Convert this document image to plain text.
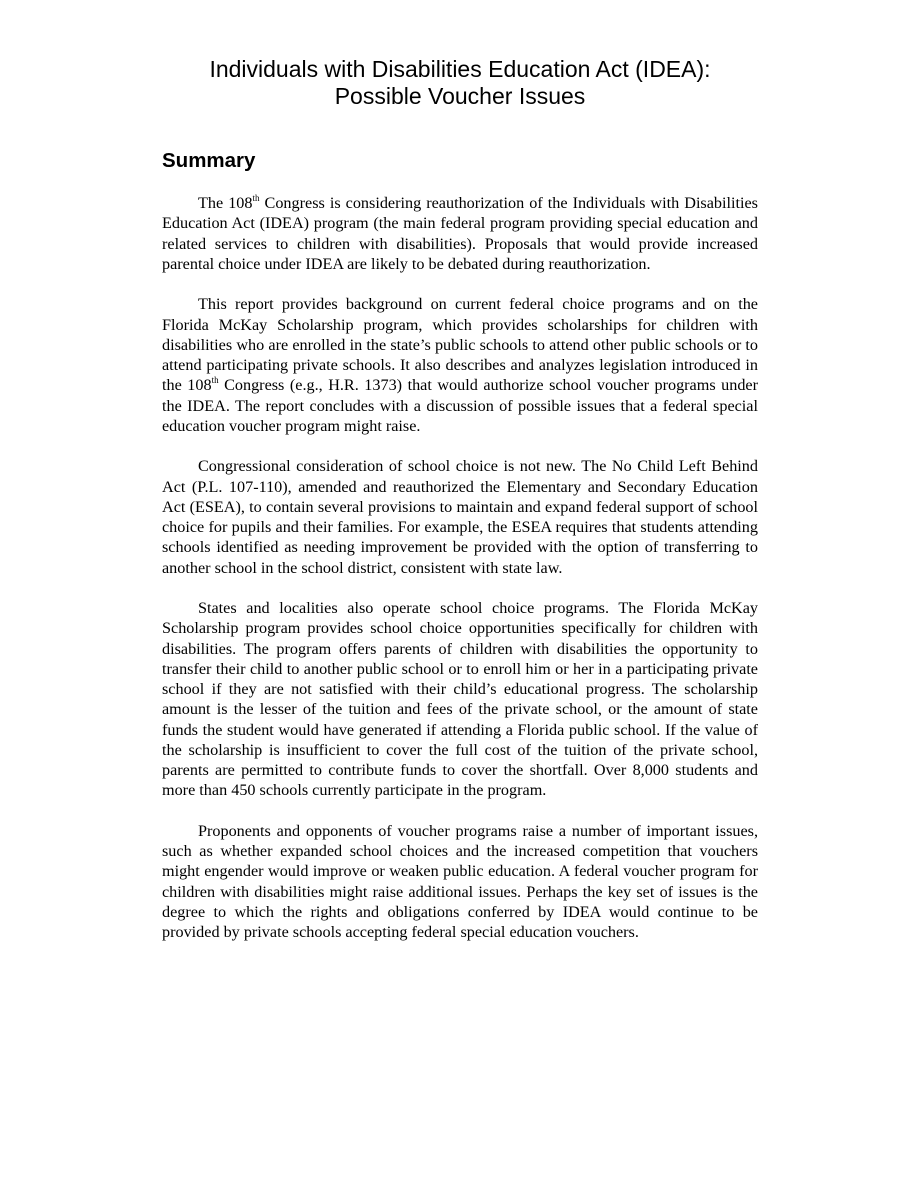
Individuals with Disabilities Education Act (IDEA):
Possible Voucher Issues
Summary

The 108th Congress is considering reauthorization of the Individuals with Disabilities Education Act (IDEA) program (the main federal program providing special education and related services to children with disabilities). Proposals that would provide increased parental choice under IDEA are likely to be debated during reauthorization.

This report provides background on current federal choice programs and on the Florida McKay Scholarship program, which provides scholarships for children with disabilities who are enrolled in the state’s public schools to attend other public schools or to attend participating private schools. It also describes and analyzes legislation introduced in the 108th Congress (e.g., H.R. 1373) that would authorize school voucher programs under the IDEA. The report concludes with a discussion of possible issues that a federal special education voucher program might raise.

Congressional consideration of school choice is not new. The No Child Left Behind Act (P.L. 107-110), amended and reauthorized the Elementary and Secondary Education Act (ESEA), to contain several provisions to maintain and expand federal support of school choice for pupils and their families. For example, the ESEA requires that students attending schools identified as needing improvement be provided with the option of transferring to another school in the school district, consistent with state law.

States and localities also operate school choice programs. The Florida McKay Scholarship program provides school choice opportunities specifically for children with disabilities. The program offers parents of children with disabilities the opportunity to transfer their child to another public school or to enroll him or her in a participating private school if they are not satisfied with their child’s educational progress. The scholarship amount is the lesser of the tuition and fees of the private school, or the amount of state funds the student would have generated if attending a Florida public school. If the value of the scholarship is insufficient to cover the full cost of the tuition of the private school, parents are permitted to contribute funds to cover the shortfall. Over 8,000 students and more than 450 schools currently participate in the program.

Proponents and opponents of voucher programs raise a number of important issues, such as whether expanded school choices and the increased competition that vouchers might engender would improve or weaken public education. A federal voucher program for children with disabilities might raise additional issues. Perhaps the key set of issues is the degree to which the rights and obligations conferred by IDEA would continue to be provided by private schools accepting federal special education vouchers.
